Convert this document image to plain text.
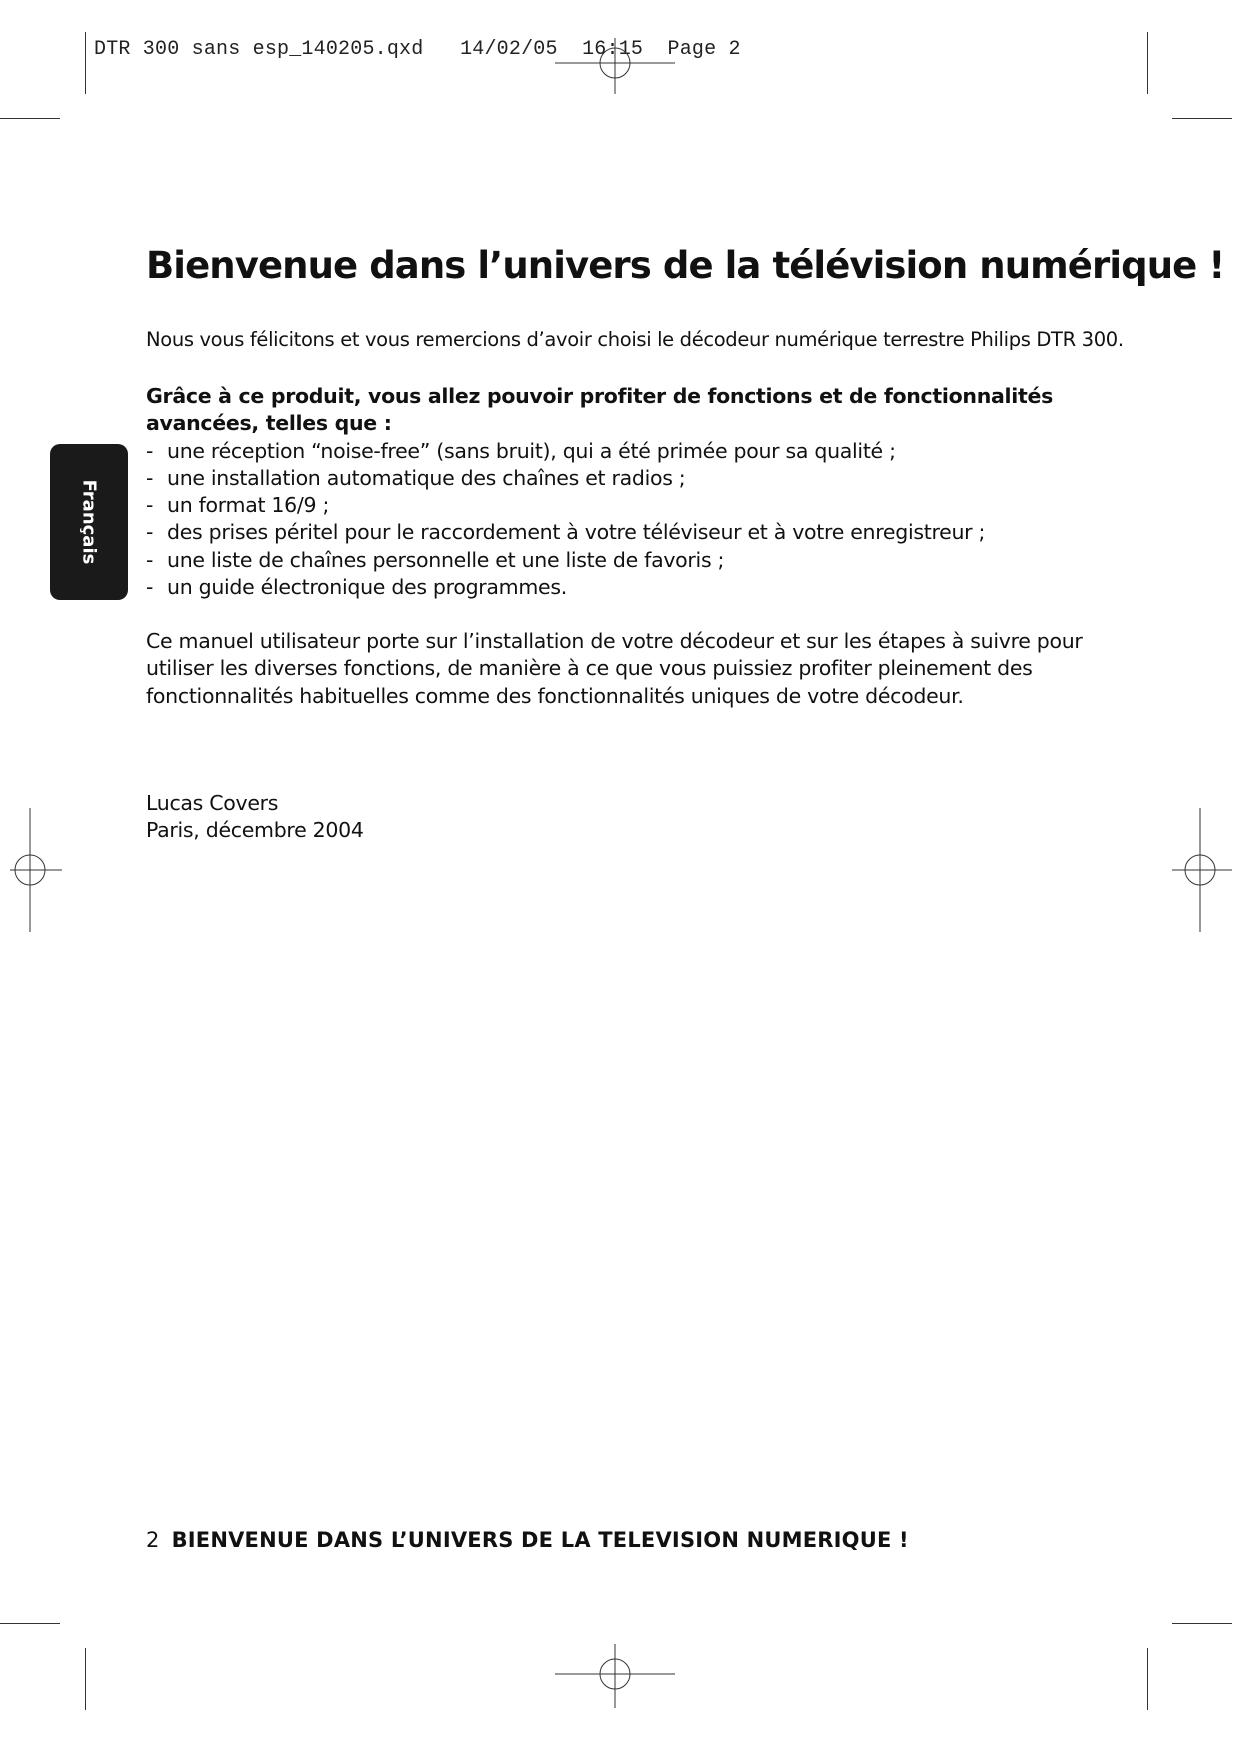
DTR 300 sans esp_140205.qxd 14/02/05 16:15 Page 2
Français
Bienvenue dans l’univers de la télévision numérique !

Nous vous félicitons et vous remercions d’avoir choisi le décodeur numérique terrestre Philips DTR 300.

Grâce à ce produit, vous allez pouvoir profiter de fonctions et de fonctionnalités avancées, telles que :

- une réception “noise-free” (sans bruit), qui a été primée pour sa qualité ;
- une installation automatique des chaînes et radios ;
- un format 16/9 ;
- des prises péritel pour le raccordement à votre téléviseur et à votre enregistreur ;
- une liste de chaînes personnelle et une liste de favoris ;
- un guide électronique des programmes.

Ce manuel utilisateur porte sur l’installation de votre décodeur et sur les étapes à suivre pour utiliser les diverses fonctions, de manière à ce que vous puissiez profiter pleinement des fonctionnalités habituelles comme des fonctionnalités uniques de votre décodeur.

Lucas Covers
Paris, décembre 2004
2 BIENVENUE DANS L’UNIVERS DE LA TELEVISION NUMERIQUE !
